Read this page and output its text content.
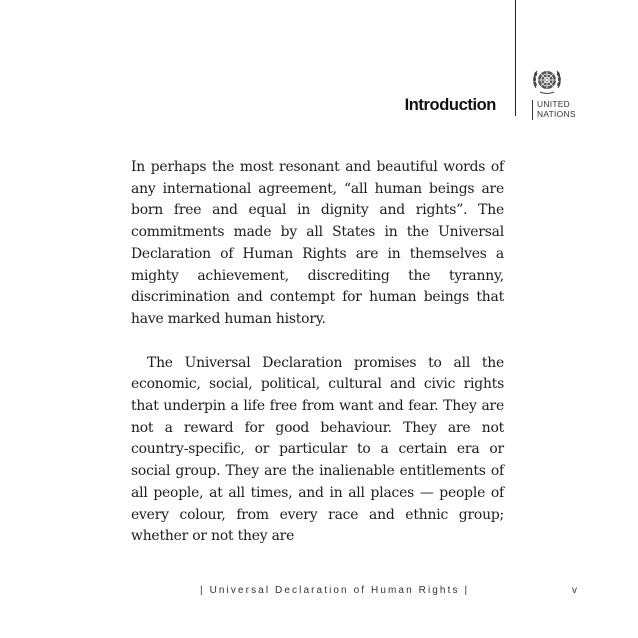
Introduction	UNITED
NATIONS

In perhaps the most resonant and beautiful words of any international agreement, “all human beings are born free and equal in dignity and rights”. The commitments made by all States in the Universal Declaration of Human Rights are in themselves a mighty achievement, discrediting the tyranny, discrimination and contempt for human beings that have marked human history.

The Universal Declaration promises to all the economic, social, political, cultural and civic rights that underpin a life free from want and fear. They are not a reward for good behaviour. They are not country-specific, or particular to a certain era or social group. They are the inalienable entitlements of all people, at all times, and in all places — people of every colour, from every race and ethnic group; whether or not they are

| Universal Declaration of Human Rights |	v
